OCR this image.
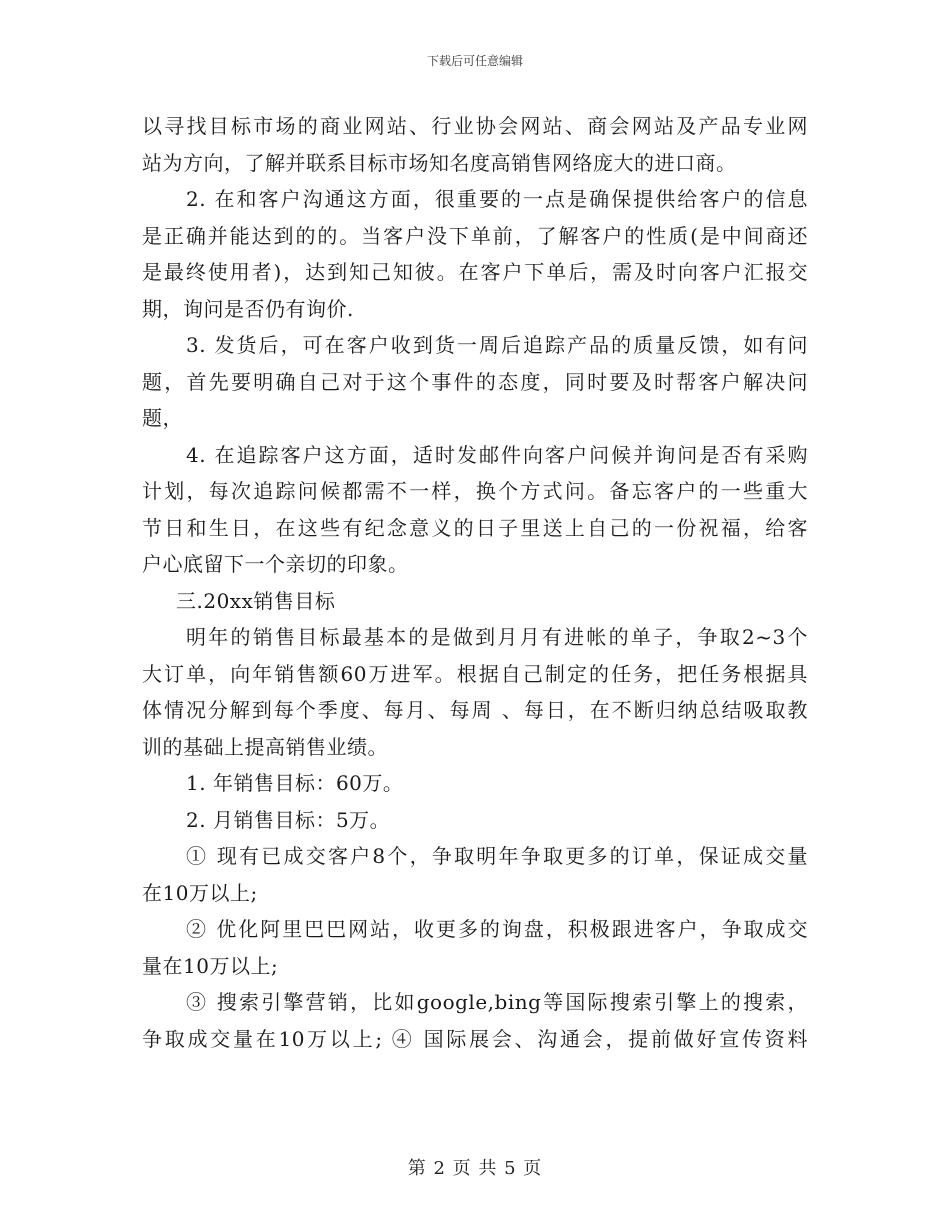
下载后可任意编辑
以寻找目标市场的商业网站、行业协会网站、商会网站及产品专业网
站为方向，了解并联系目标市场知名度高销售网络庞大的进口商。
2. 在和客户沟通这方面，很重要的一点是确保提供给客户的信息
是正确并能达到的的。当客户没下单前，了解客户的性质(是中间商还
是最终使用者)，达到知己知彼。在客户下单后，需及时向客户汇报交
期，询问是否仍有询价.
3. 发货后，可在客户收到货一周后追踪产品的质量反馈，如有问
题，首先要明确自己对于这个事件的态度，同时要及时帮客户解决问
题，
4. 在追踪客户这方面，适时发邮件向客户问候并询问是否有采购
计划，每次追踪问候都需不一样，换个方式问。备忘客户的一些重大
节日和生日，在这些有纪念意义的日子里送上自己的一份祝福，给客
户心底留下一个亲切的印象。
三.20xx销售目标
明年的销售目标最基本的是做到月月有进帐的单子，争取2~3个
大订单，向年销售额60万进军。根据自己制定的任务，把任务根据具
体情况分解到每个季度、每月、每周 、每日，在不断归纳总结吸取教
训的基础上提高销售业绩。
1. 年销售目标：60万。
2. 月销售目标：5万。
① 现有已成交客户8个，争取明年争取更多的订单，保证成交量
在10万以上;
② 优化阿里巴巴网站，收更多的询盘，积极跟进客户，争取成交
量在10万以上;
③ 搜索引擎营销，比如google,bing等国际搜索引擎上的搜索，
争取成交量在10万以上; ④ 国际展会、沟通会，提前做好宣传资料
第 2 页 共 5 页
